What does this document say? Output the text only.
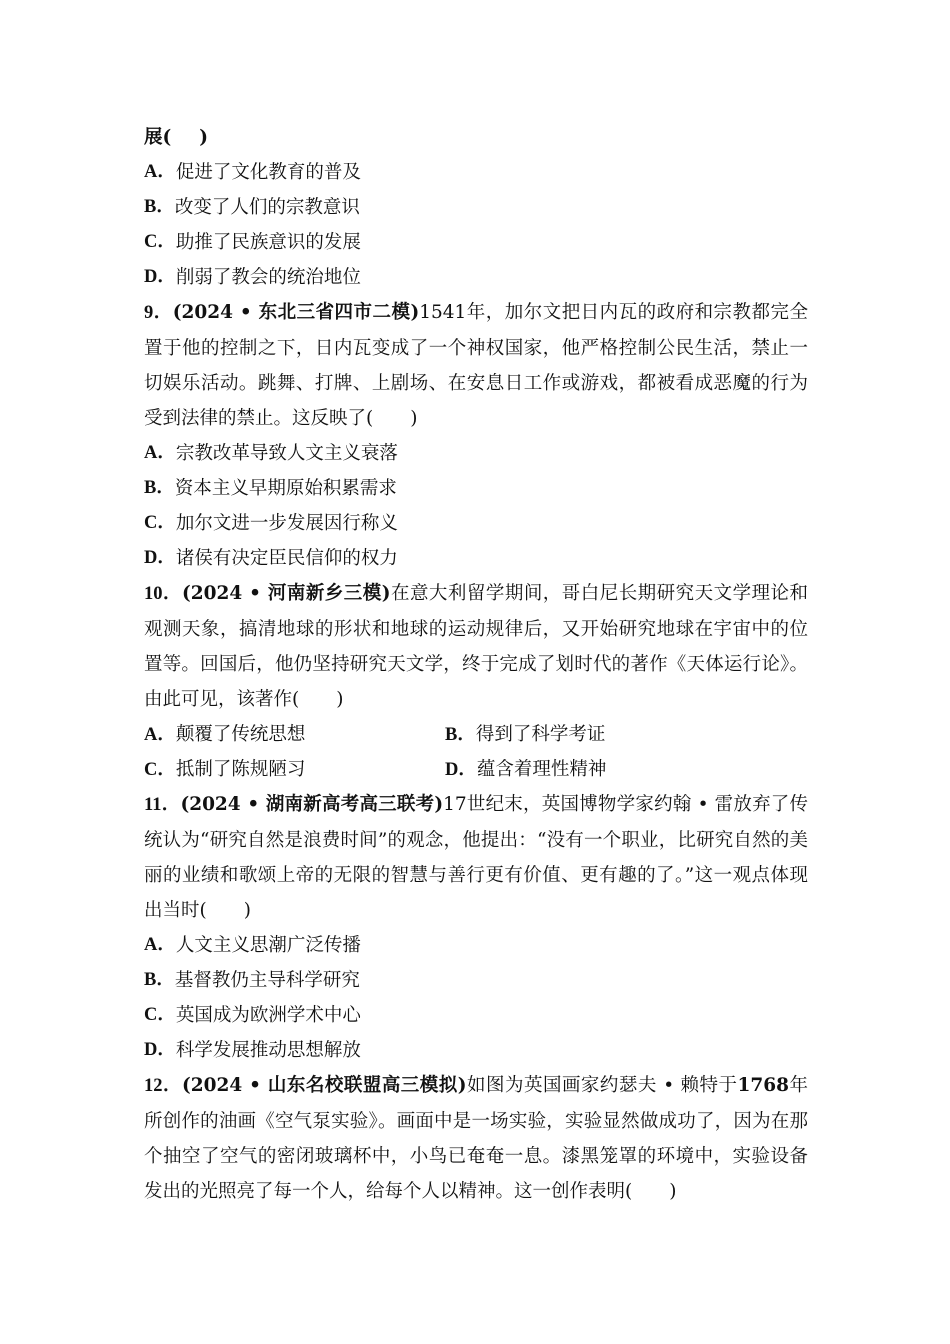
展( )
A． 促进了文化教育的普及
B． 改变了人们的宗教意识
C． 助推了民族意识的发展
D． 削弱了教会的统治地位
9．(2024 • 东北三省四市二模)1541年，加尔文把日内瓦的政府和宗教都完全置于他的控制之下，日内瓦变成了一个神权国家，他严格控制公民生活，禁止一切娱乐活动。跳舞、打牌、上剧场、在安息日工作或游戏，都被看成恶魔的行为受到法律的禁止。这反映了(　　)
A． 宗教改革导致人文主义衰落
B． 资本主义早期原始积累需求
C． 加尔文进一步发展因行称义
D． 诸侯有决定臣民信仰的权力
10．(2024 • 河南新乡三模)在意大利留学期间，哥白尼长期研究天文学理论和观测天象，搞清地球的形状和地球的运动规律后，又开始研究地球在宇宙中的位置等。回国后，他仍坚持研究天文学，终于完成了划时代的著作《天体运行论》。由此可见，该著作(　　)
A．颠覆了传统思想	B．得到了科学考证
C．抵制了陈规陋习	D．蕴含着理性精神
11．(2024 • 湖南新高考高三联考)17世纪末，英国博物学家约翰 • 雷放弃了传统认为“研究自然是浪费时间”的观念，他提出：“没有一个职业，比研究自然的美丽的业绩和歌颂上帝的无限的智慧与善行更有价值、更有趣的了。”这一观点体现出当时(　　)
A． 人文主义思潮广泛传播
B． 基督教仍主导科学研究
C． 英国成为欧洲学术中心
D． 科学发展推动思想解放
12．(2024 • 山东名校联盟高三模拟)如图为英国画家约瑟夫 • 赖特于1768年所创作的油画《空气泵实验》。画面中是一场实验，实验显然做成功了，因为在那个抽空了空气的密闭玻璃杯中，小鸟已奄奄一息。漆黑笼罩的环境中，实验设备发出的光照亮了每一个人，给每个人以精神。这一创作表明(　　)
